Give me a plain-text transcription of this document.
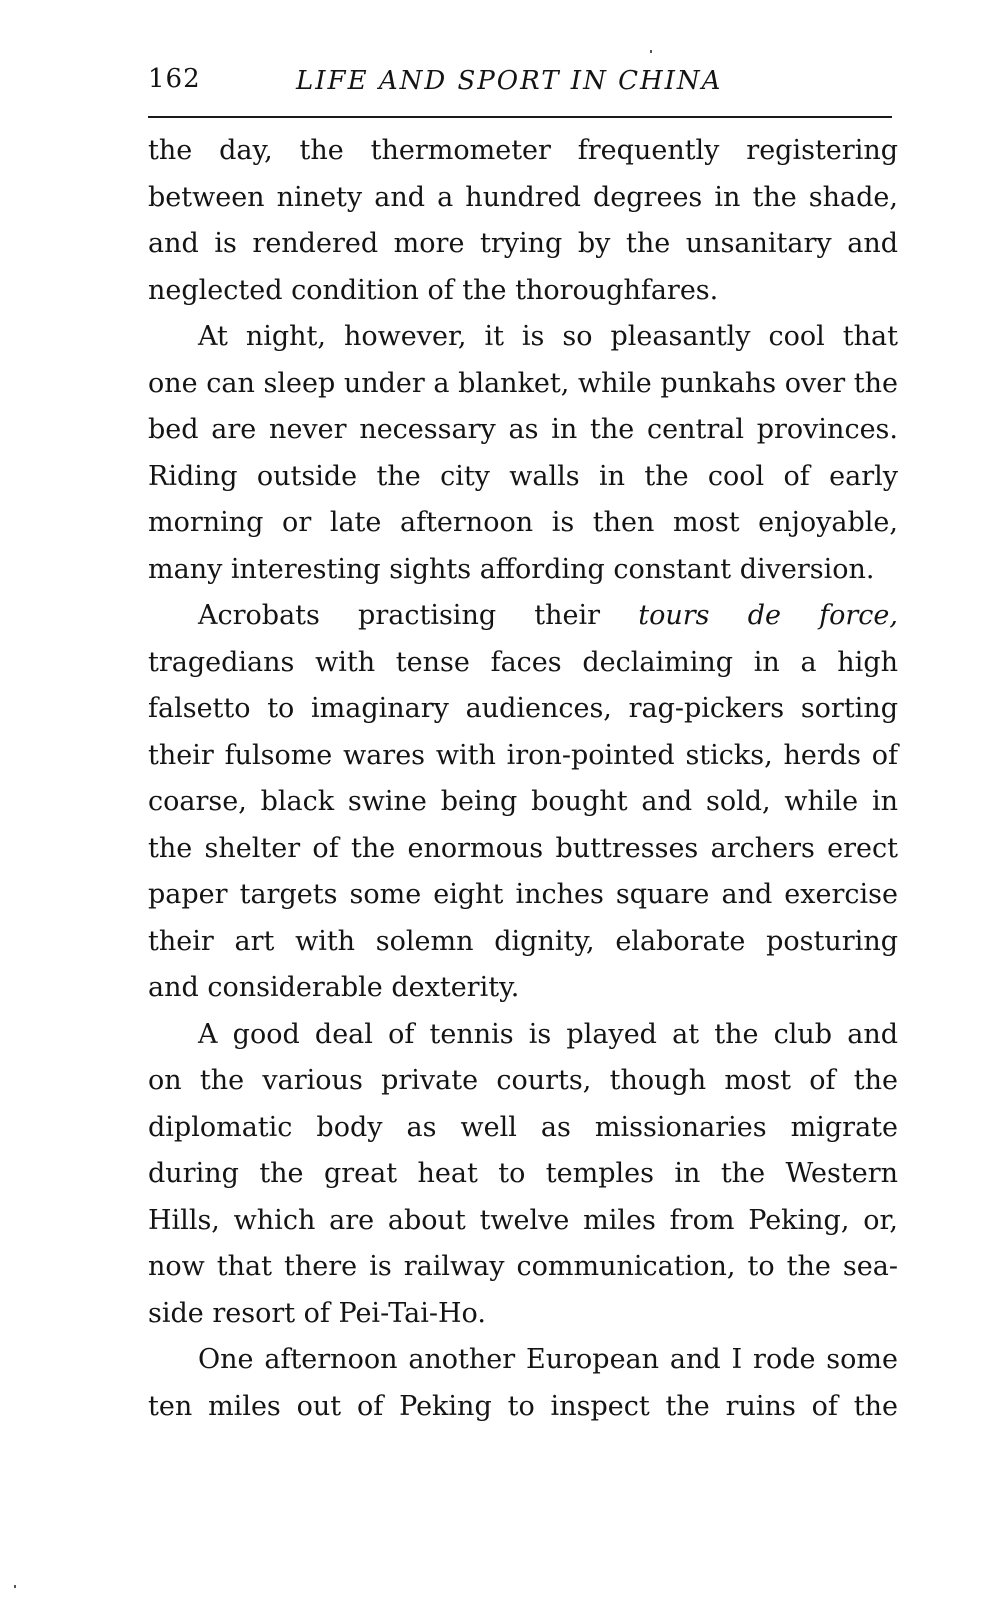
162	LIFE AND SPORT IN CHINA
the day, the thermometer frequently registering
between ninety and a hundred degrees in the shade,
and is rendered more trying by the unsanitary and
neglected condition of the thoroughfares.
At night, however, it is so pleasantly cool that
one can sleep under a blanket, while punkahs over the
bed are never necessary as in the central provinces.
Riding outside the city walls in the cool of early
morning or late afternoon is then most enjoyable,
many interesting sights affording constant diversion.
Acrobats practising their tours de force,
tragedians with tense faces declaiming in a high
falsetto to imaginary audiences, rag-pickers sorting
their fulsome wares with iron-pointed sticks, herds of
coarse, black swine being bought and sold, while in
the shelter of the enormous buttresses archers erect
paper targets some eight inches square and exercise
their art with solemn dignity, elaborate posturing
and considerable dexterity.
A good deal of tennis is played at the club and
on the various private courts, though most of the
diplomatic body as well as missionaries migrate
during the great heat to temples in the Western
Hills, which are about twelve miles from Peking, or,
now that there is railway communication, to the sea-
side resort of Pei-Tai-Ho.
One afternoon another European and I rode some
ten miles out of Peking to inspect the ruins of the
